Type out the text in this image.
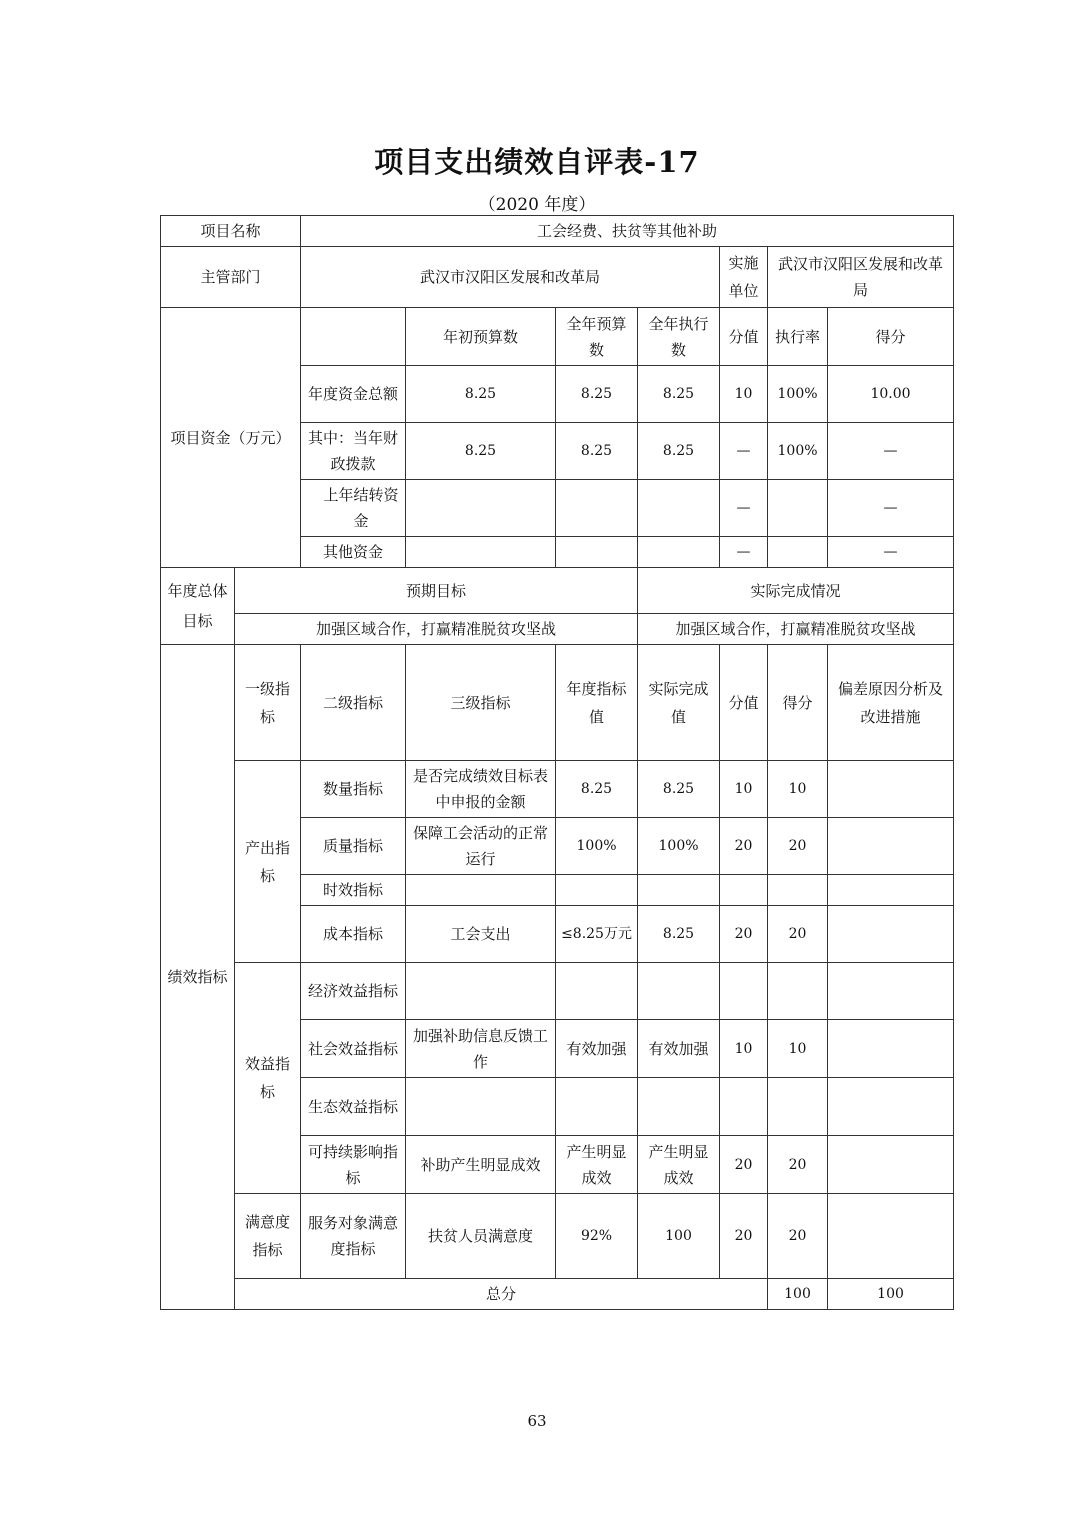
项目支出绩效自评表-17
（2020 年度）
项目名称		工会经费、扶贫等其他补助							
主管部门		武汉市汉阳区发展和改革局				实施单位	武汉市汉阳区发展和改革局		
项目资金（万元）			年初预算数	全年预算数	全年执行数	分值	执行率	得分	
		年度资金总额	8.25	8.25	8.25	10	100%	10.00	
		其中：当年财政拨款	8.25	8.25	8.25	—	100%	—	
		上年结转资金				—		—	
		其他资金				—		—	
年度总体目标	预期目标				实际完成情况				
	加强区域合作，打赢精准脱贫攻坚战				加强区域合作，打赢精准脱贫攻坚战				
绩效指标	一级指标	二级指标	三级指标	年度指标值	实际完成值	分值	得分	偏差原因分析及改进措施	
	产出指标	数量指标	是否完成绩效目标表中申报的金额	8.25	8.25	10	10		
		质量指标	保障工会活动的正常运行	100%	100%	20	20		
		时效指标							
		成本指标	工会支出	≤8.25万元	8.25	20	20		
	效益指标	经济效益指标							
		社会效益指标	加强补助信息反馈工作	有效加强	有效加强	10	10		
		生态效益指标							
		可持续影响指标	补助产生明显成效	产生明显成效	产生明显成效	20	20		
	满意度指标	服务对象满意度指标	扶贫人员满意度	92%	100	20	20		
	总分						100	100	
63
